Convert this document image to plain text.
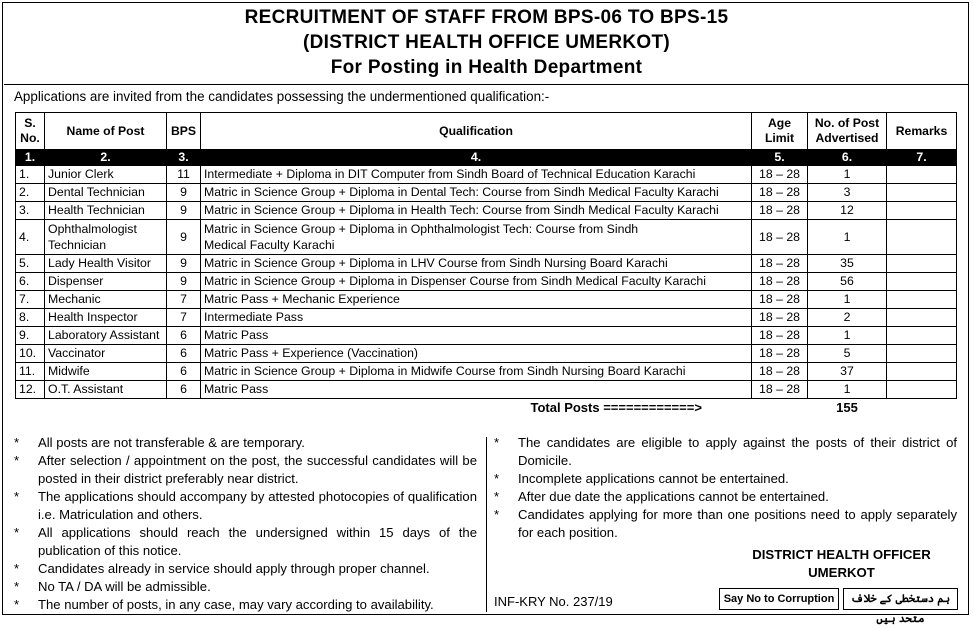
RECRUITMENT OF STAFF FROM BPS-06 TO BPS-15
(DISTRICT HEALTH OFFICE UMERKOT)
For Posting in Health Department
Applications are invited from the candidates possessing the undermentioned qualification:-
S. No.	Name of Post	BPS	Qualification	Age Limit	No. of Post Advertised	Remarks
1.	2.	3.	4.	5.	6.	7.
1.	Junior Clerk	11	Intermediate + Diploma in DIT Computer from Sindh Board of Technical Education Karachi	18 – 28	1	
2.	Dental Technician	9	Matric in Science Group + Diploma in Dental Tech: Course from Sindh Medical Faculty Karachi	18 – 28	3	
3.	Health Technician	9	Matric in Science Group + Diploma in Health Tech: Course from Sindh Medical Faculty Karachi	18 – 28	12	
4.	Ophthalmologist Technician	9	Matric in Science Group + Diploma in Ophthalmologist Tech: Course from Sindh Medical Faculty Karachi	18 – 28	1	
5.	Lady Health Visitor	9	Matric in Science Group + Diploma in LHV Course from Sindh Nursing Board Karachi	18 – 28	35	
6.	Dispenser	9	Matric in Science Group + Diploma in Dispenser Course from Sindh Medical Faculty Karachi	18 – 28	56	
7.	Mechanic	7	Matric Pass + Mechanic Experience	18 – 28	1	
8.	Health Inspector	7	Intermediate Pass	18 – 28	2	
9.	Laboratory Assistant	6	Matric Pass	18 – 28	1	
10.	Vaccinator	6	Matric Pass + Experience (Vaccination)	18 – 28	5	
11.	Midwife	6	Matric in Science Group + Diploma in Midwife Course from Sindh Nursing Board Karachi	18 – 28	37	
12.	O.T. Assistant	6	Matric Pass	18 – 28	1	
Total Posts ============>					155	
* All posts are not transferable & are temporary.
* After selection / appointment on the post, the successful candidates will be posted in their district preferably near district.
* The applications should accompany by attested photocopies of qualification i.e. Matriculation and others.
* All applications should reach the undersigned within 15 days of the publication of this notice.
* Candidates already in service should apply through proper channel.
* No TA / DA will be admissible.
* The number of posts, in any case, may vary according to availability.
* The candidates are eligible to apply against the posts of their district of Domicile.
* Incomplete applications cannot be entertained.
* After due date the applications cannot be entertained.
* Candidates applying for more than one positions need to apply separately for each position.
DISTRICT HEALTH OFFICER
UMERKOT
INF-KRY No. 237/19	Say No to Corruption	ہم دستخطی کے خلاف متحد ہیں
